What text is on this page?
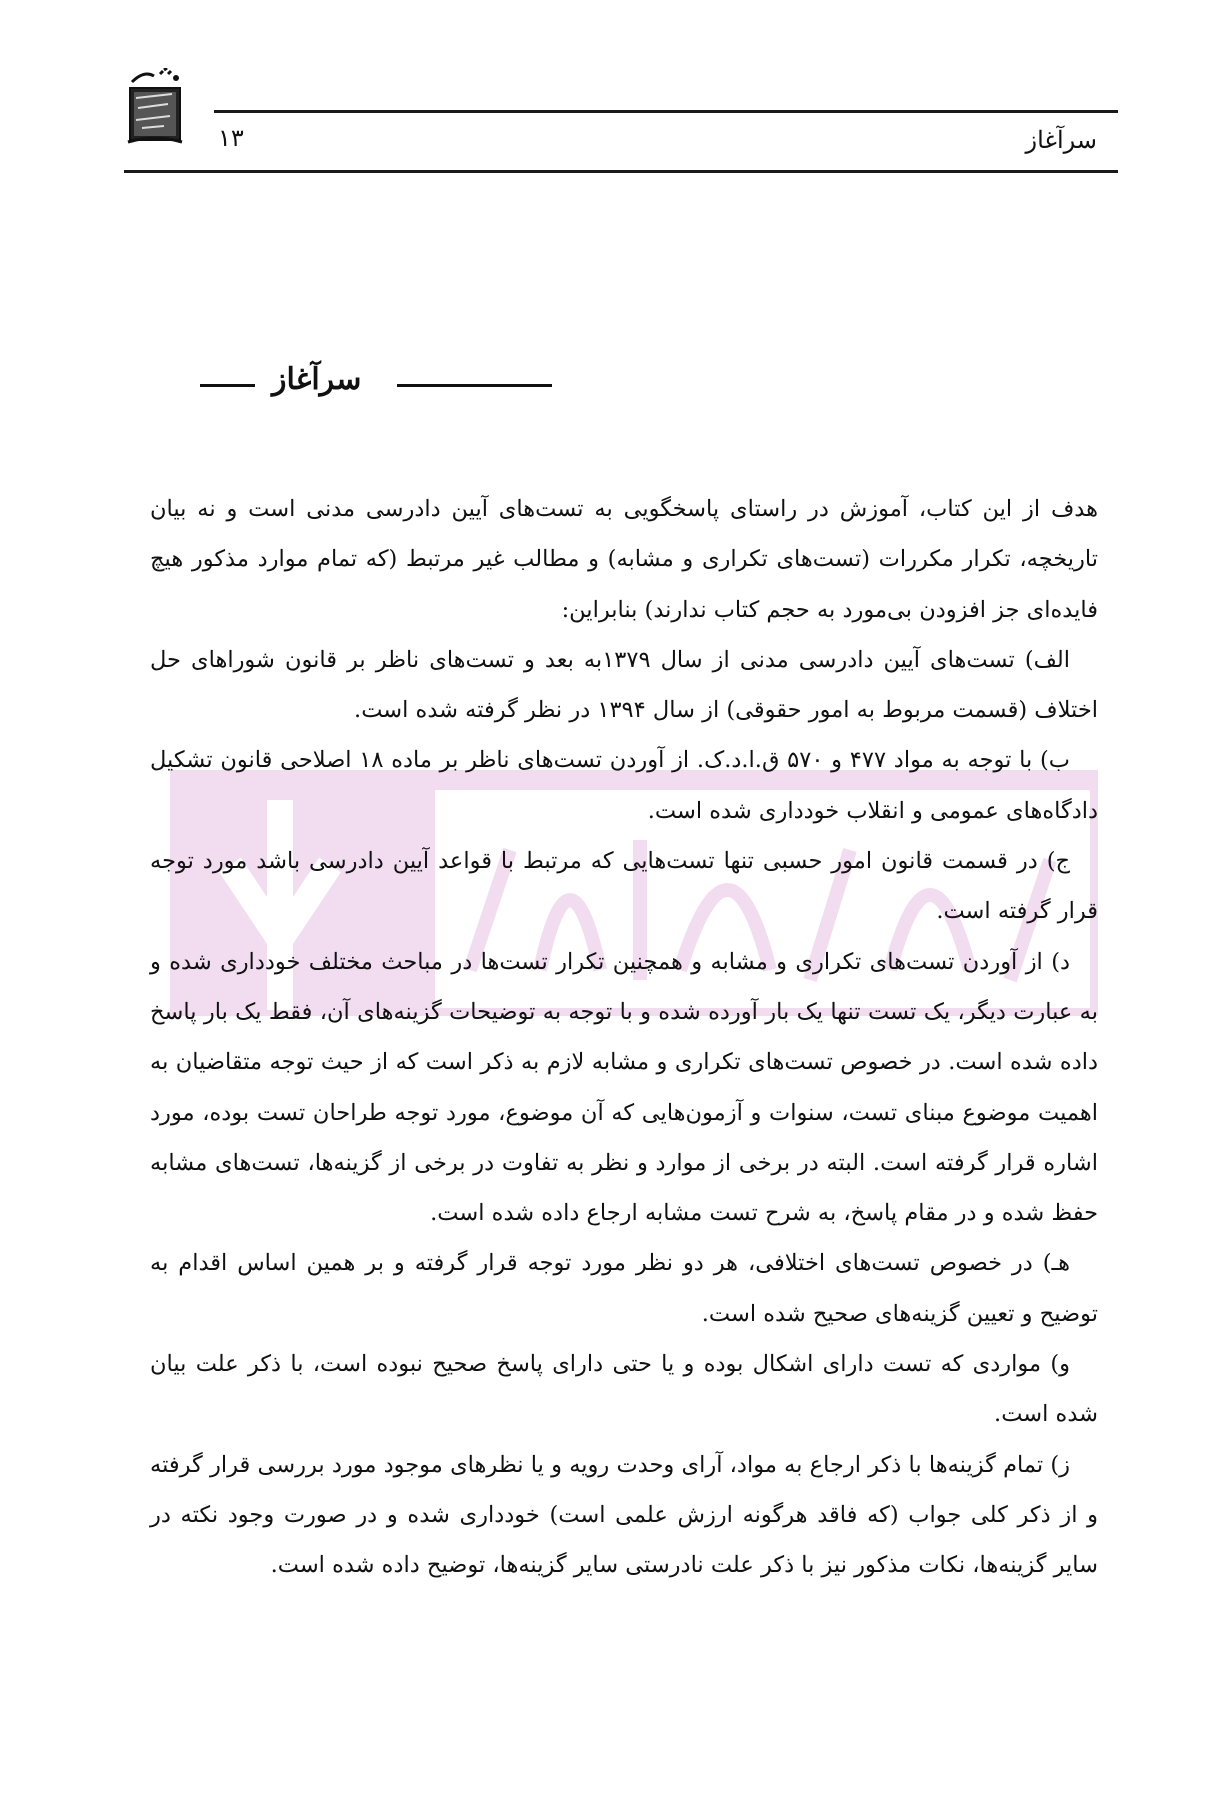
۱۳	سرآغاز
سرآغاز

هدف از این کتاب، آموزش در راستای پاسخگویی به تست‌های آیین دادرسی مدنی است و نه بیان تاریخچه، تکرار مکررات (تست‌های تکراری و مشابه) و مطالب غیر مرتبط (که تمام موارد مذکور هیچ فایده‌ای جز افزودن بی‌مورد به حجم کتاب ندارند) بنابراین:

الف) تست‌های آیین دادرسی مدنی از سال ۱۳۷۹به بعد و تست‌های ناظر بر قانون شوراهای حل اختلاف (قسمت مربوط به امور حقوقی) از سال ۱۳۹۴ در نظر گرفته شده است.

ب) با توجه به مواد ۴۷۷ و ۵۷۰ ق.ا.د.ک. از آوردن تست‌های ناظر بر ماده ۱۸ اصلاحی قانون تشکیل دادگاه‌های عمومی و انقلاب خودداری شده است.

ج) در قسمت قانون امور حسبی تنها تست‌هایی که مرتبط با قواعد آیین دادرسی باشد مورد توجه قرار گرفته است.

د) از آوردن تست‌های تکراری و مشابه و همچنین تکرار تست‌ها در مباحث مختلف خودداری شده و به عبارت دیگر، یک تست تنها یک بار آورده شده و با توجه به توضیحات گزینه‌های آن، فقط یک بار پاسخ داده شده است. در خصوص تست‌های تکراری و مشابه لازم به ذکر است که از حیث توجه متقاضیان به اهمیت موضوع مبنای تست، سنوات و آزمون‌هایی که آن موضوع، مورد توجه طراحان تست بوده، مورد اشاره قرار گرفته است. البته در برخی از موارد و نظر به تفاوت در برخی از گزینه‌ها، تست‌های مشابه حفظ شده و در مقام پاسخ، به شرح تست مشابه ارجاع داده شده است.

هـ) در خصوص تست‌های اختلافی، هر دو نظر مورد توجه قرار گرفته و بر همین اساس اقدام به توضیح و تعیین گزینه‌های صحیح شده است.

و) مواردی که تست دارای اشکال بوده و یا حتی دارای پاسخ صحیح نبوده است، با ذکر علت بیان شده است.

ز) تمام گزینه‌ها با ذکر ارجاع به مواد، آرای وحدت رویه و یا نظرهای موجود مورد بررسی قرار گرفته و از ذکر کلی جواب (که فاقد هرگونه ارزش علمی است) خودداری شده و در صورت وجود نکته در سایر گزینه‌ها، نکات مذکور نیز با ذکر علت نادرستی سایر گزینه‌ها، توضیح داده شده است.
